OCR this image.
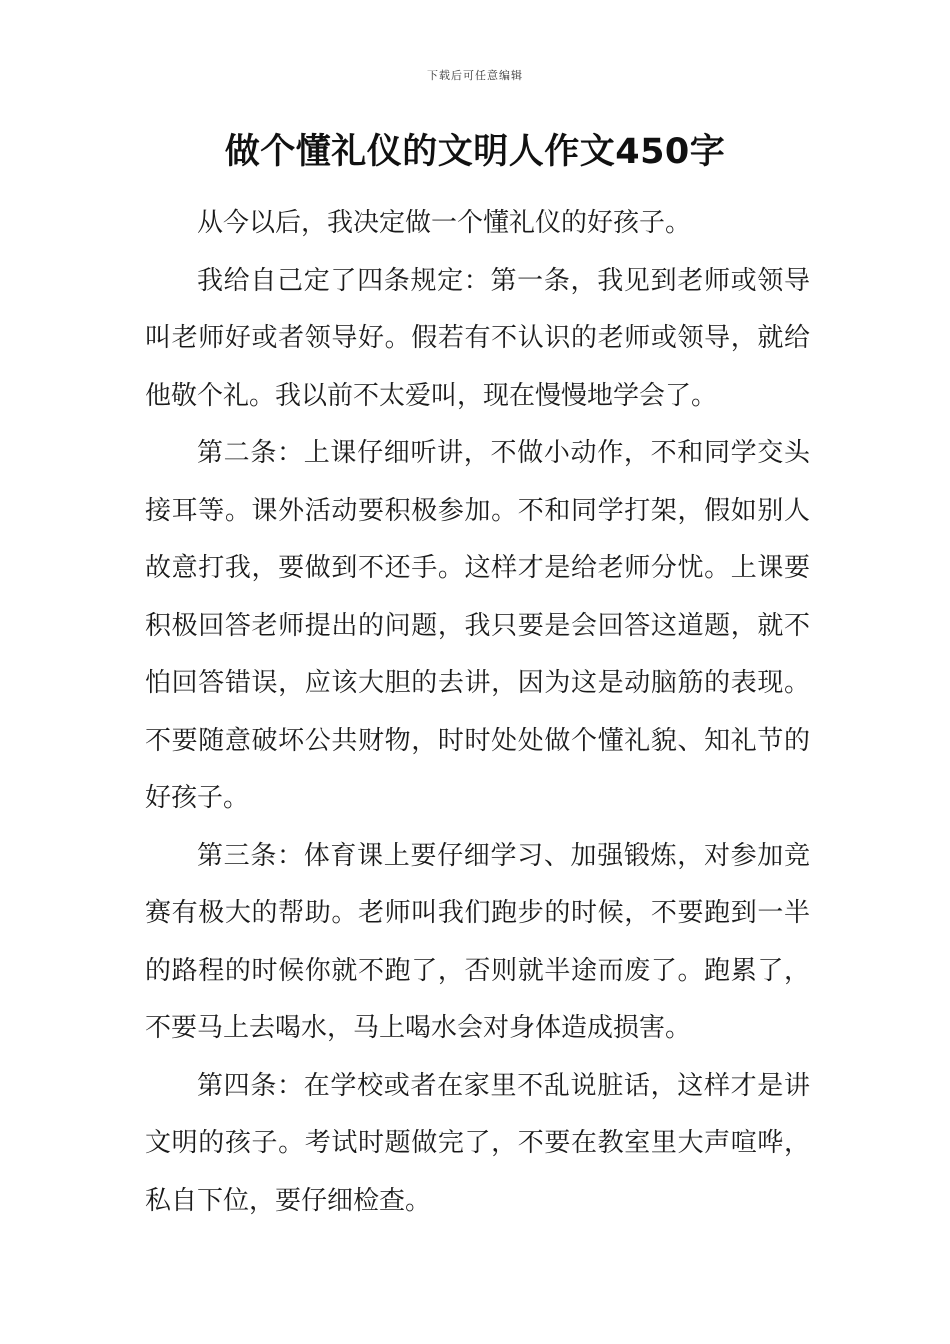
下载后可任意编辑
做个懂礼仪的文明人作文450字

从今以后，我决定做一个懂礼仪的好孩子。

我给自己定了四条规定：第一条，我见到老师或领导叫老师好或者领导好。假若有不认识的老师或领导，就给他敬个礼。我以前不太爱叫，现在慢慢地学会了。

第二条：上课仔细听讲，不做小动作，不和同学交头接耳等。课外活动要积极参加。不和同学打架，假如别人故意打我，要做到不还手。这样才是给老师分忧。上课要积极回答老师提出的问题，我只要是会回答这道题，就不怕回答错误，应该大胆的去讲，因为这是动脑筋的表现。不要随意破坏公共财物，时时处处做个懂礼貌、知礼节的好孩子。

第三条：体育课上要仔细学习、加强锻炼，对参加竞赛有极大的帮助。老师叫我们跑步的时候，不要跑到一半的路程的时候你就不跑了，否则就半途而废了。跑累了，不要马上去喝水，马上喝水会对身体造成损害。

第四条：在学校或者在家里不乱说脏话，这样才是讲文明的孩子。考试时题做完了，不要在教室里大声喧哗，私自下位，要仔细检查。
